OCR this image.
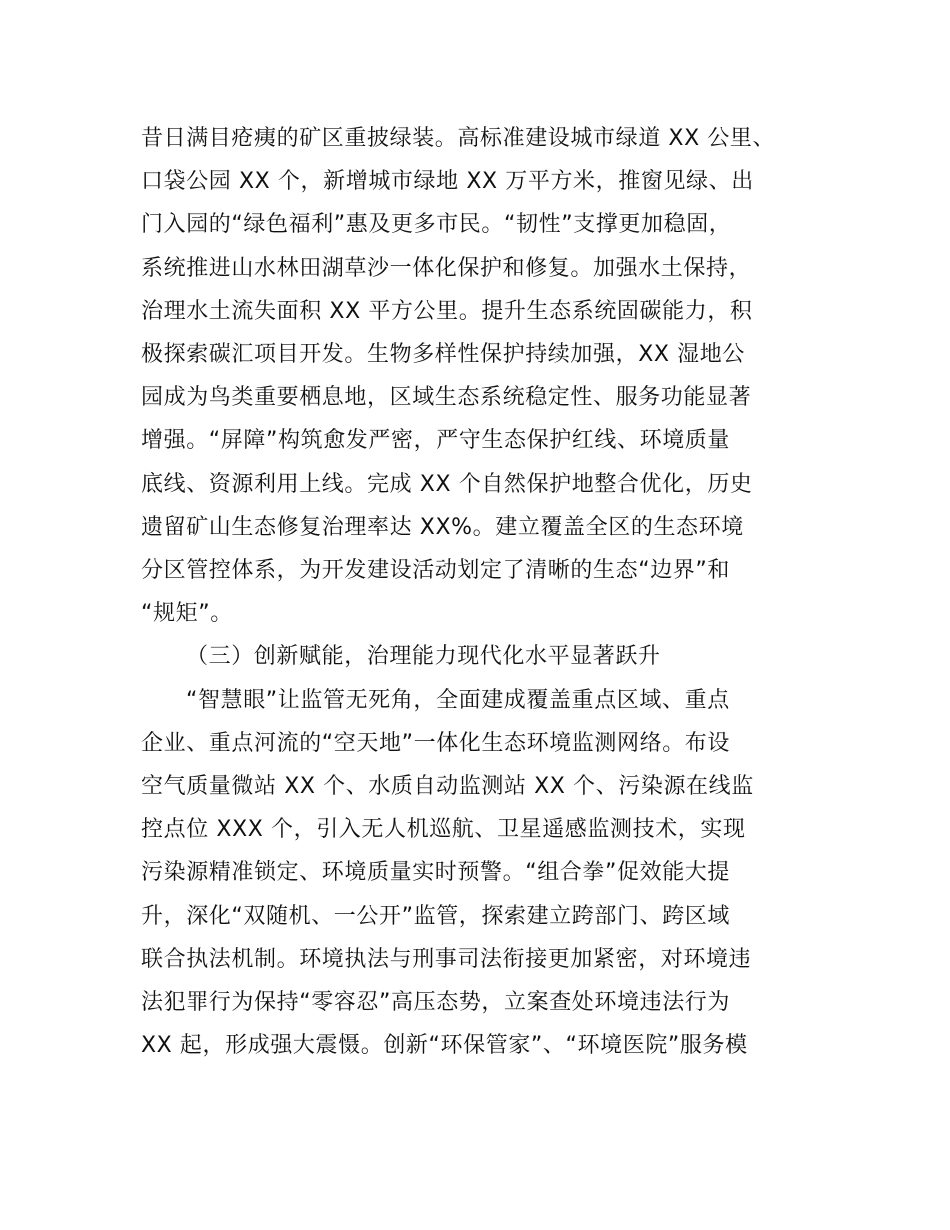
昔日满目疮痍的矿区重披绿装。高标准建设城市绿道 XX 公里、
口袋公园 XX 个，新增城市绿地 XX 万平方米，推窗见绿、出
门入园的“绿色福利”惠及更多市民。“韧性”支撑更加稳固，
系统推进山水林田湖草沙一体化保护和修复。加强水土保持，
治理水土流失面积 XX 平方公里。提升生态系统固碳能力，积
极探索碳汇项目开发。生物多样性保护持续加强，XX 湿地公
园成为鸟类重要栖息地，区域生态系统稳定性、服务功能显著
增强。“屏障”构筑愈发严密，严守生态保护红线、环境质量
底线、资源利用上线。完成 XX 个自然保护地整合优化，历史
遗留矿山生态修复治理率达 XX%。建立覆盖全区的生态环境
分区管控体系，为开发建设活动划定了清晰的生态“边界”和
“规矩”。
（三）创新赋能，治理能力现代化水平显著跃升
“智慧眼”让监管无死角，全面建成覆盖重点区域、重点
企业、重点河流的“空天地”一体化生态环境监测网络。布设
空气质量微站 XX 个、水质自动监测站 XX 个、污染源在线监
控点位 XXX 个，引入无人机巡航、卫星遥感监测技术，实现
污染源精准锁定、环境质量实时预警。“组合拳”促效能大提
升，深化“双随机、一公开”监管，探索建立跨部门、跨区域
联合执法机制。环境执法与刑事司法衔接更加紧密，对环境违
法犯罪行为保持“零容忍”高压态势，立案查处环境违法行为
XX 起，形成强大震慑。创新“环保管家”、“环境医院”服务模
